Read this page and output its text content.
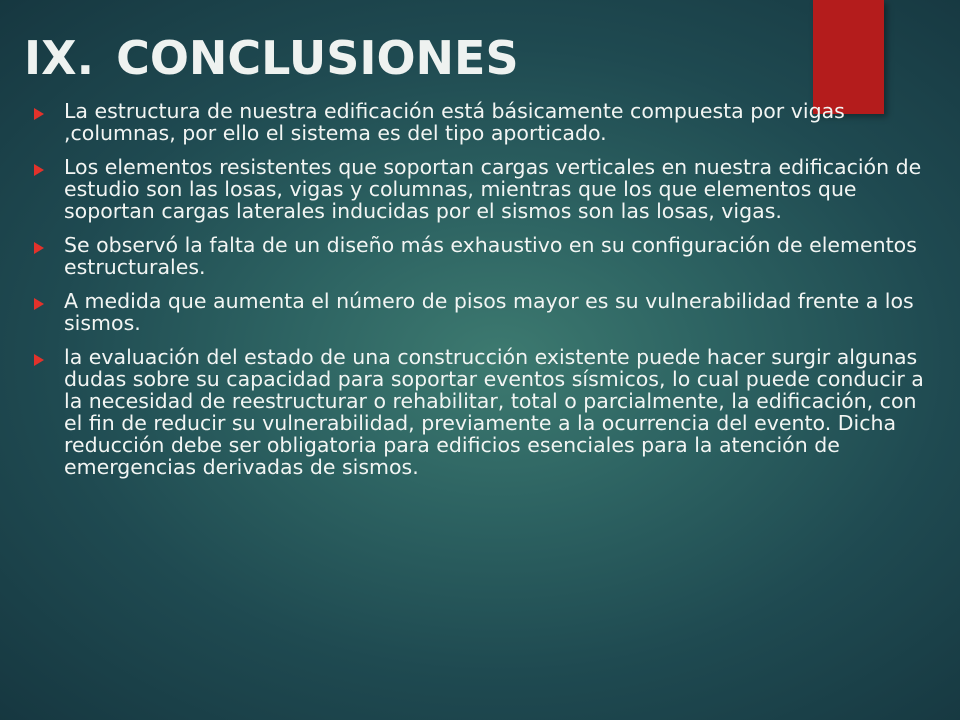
IX. CONCLUSIONES
La estructura de nuestra edificación está básicamente compuesta por vigas ,columnas, por ello el sistema es del tipo aporticado.
Los elementos resistentes que soportan cargas verticales en nuestra edificación de estudio son las losas, vigas y columnas, mientras que los que elementos que soportan cargas laterales inducidas por el sismos son las losas, vigas.
Se observó la falta de un diseño más exhaustivo en su configuración de elementos estructurales.
A medida que aumenta el número de pisos mayor es su vulnerabilidad frente a los sismos.
la evaluación del estado de una construcción existente puede hacer surgir algunas dudas sobre su capacidad para soportar eventos sísmicos, lo cual puede conducir a la necesidad de reestructurar o rehabilitar, total o parcialmente, la edificación, con el fin de reducir su vulnerabilidad, previamente a la ocurrencia del evento. Dicha reducción debe ser obligatoria para edificios esenciales para la atención de emergencias derivadas de sismos.
